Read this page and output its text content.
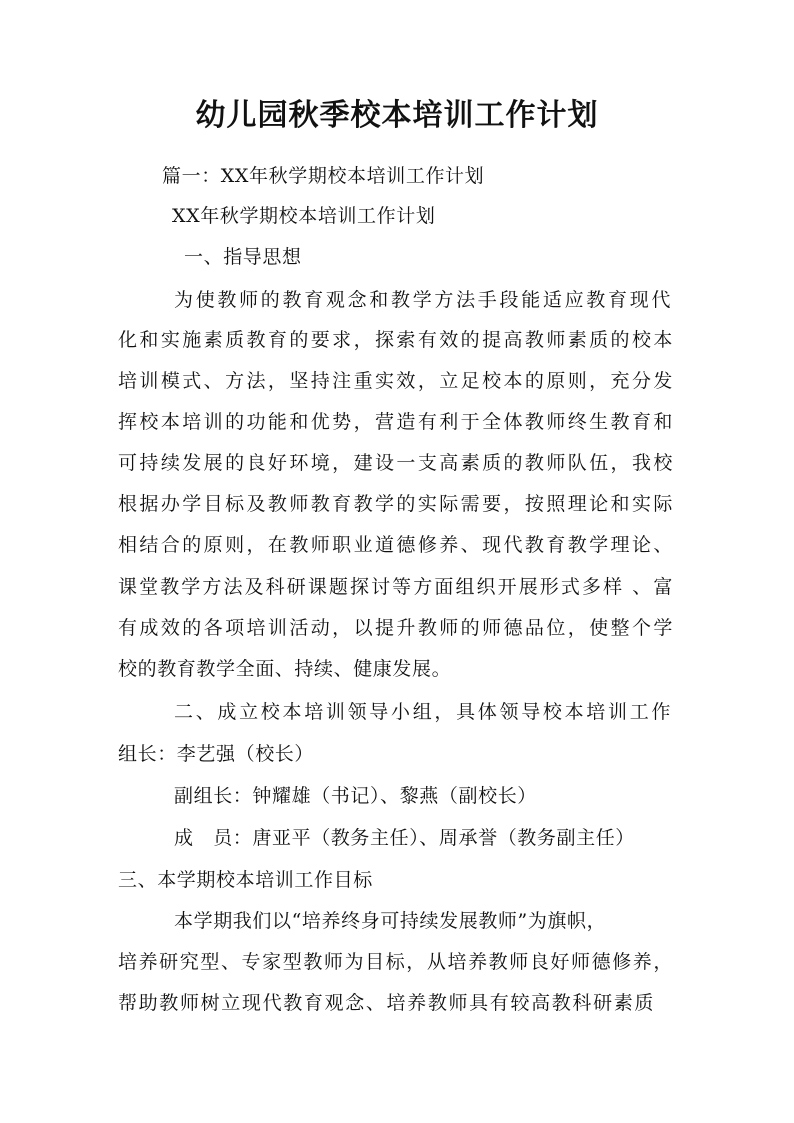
幼儿园秋季校本培训工作计划
篇一：XX年秋学期校本培训工作计划
XX年秋学期校本培训工作计划
一、指导思想
为使教师的教育观念和教学方法手段能适应教育现代
化和实施素质教育的要求，探索有效的提高教师素质的校本
培训模式、方法，坚持注重实效，立足校本的原则，充分发
挥校本培训的功能和优势，营造有利于全体教师终生教育和
可持续发展的良好环境，建设一支高素质的教师队伍，我校
根据办学目标及教师教育教学的实际需要，按照理论和实际
相结合的原则，在教师职业道德修养、现代教育教学理论、
课堂教学方法及科研课题探讨等方面组织开展形式多样 、富
有成效的各项培训活动，以提升教师的师德品位，使整个学
校的教育教学全面、持续、健康发展。
二、成立校本培训领导小组，具体领导校本培训工作
组长：李艺强（校长）
副组长：钟耀雄（书记）、黎燕（副校长）
成　员：唐亚平（教务主任）、周承誉（教务副主任）
三、本学期校本培训工作目标
本学期我们以“培养终身可持续发展教师”为旗帜，
培养研究型、专家型教师为目标，从培养教师良好师德修养，
帮助教师树立现代教育观念、培养教师具有较高教科研素质
